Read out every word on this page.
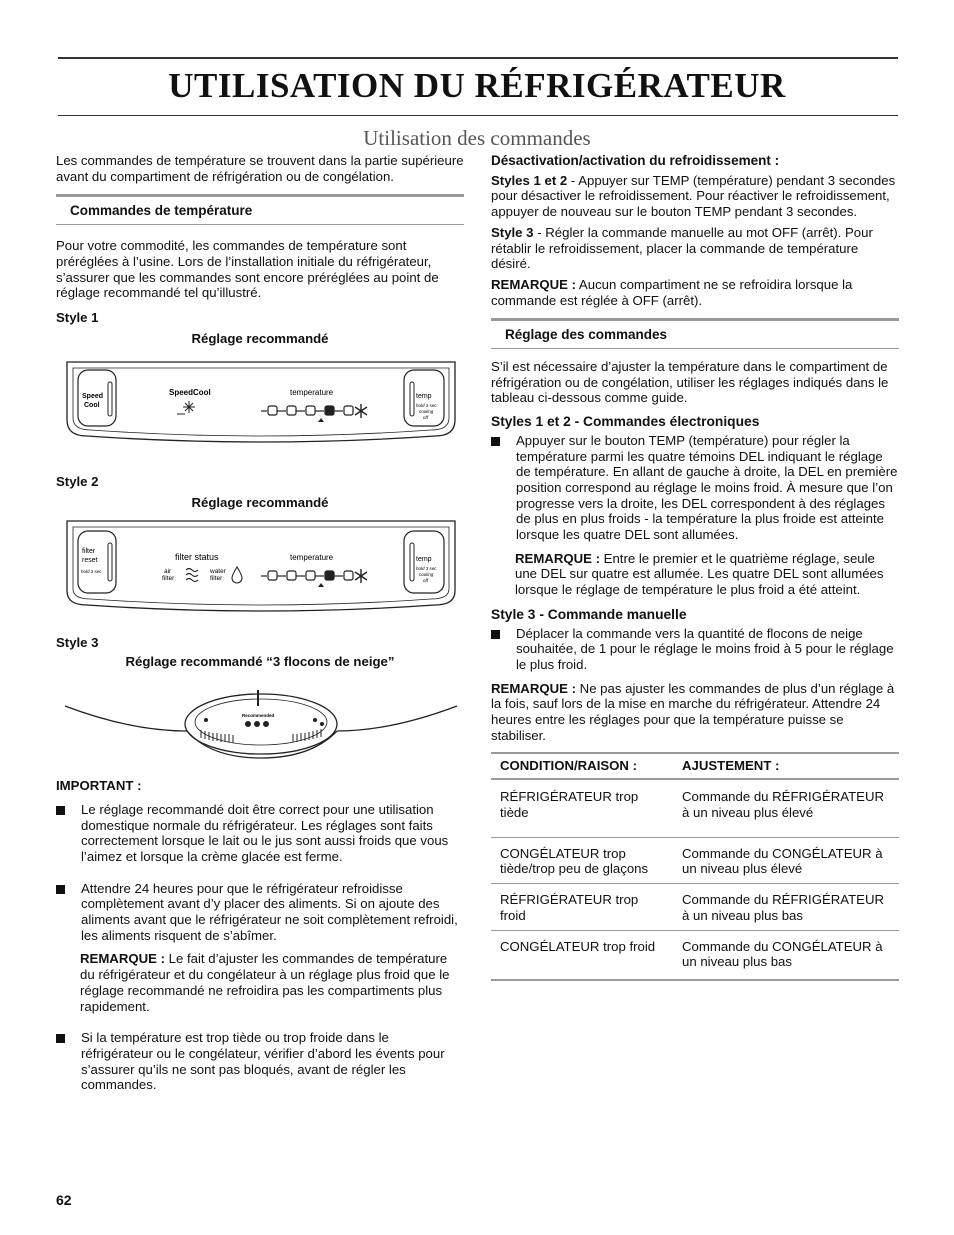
UTILISATION DU RÉFRIGÉRATEUR
Utilisation des commandes

Les commandes de température se trouvent dans la partie supérieure avant du compartiment de réfrigération ou de congélation.

Commandes de température

Pour votre commodité, les commandes de température sont préréglées à l’usine. Lors de l’installation initiale du réfrigérateur, s’assurer que les commandes sont encore préréglées au point de réglage recommandé tel qu’illustré.

Style 1

Réglage recommandé

Speed
Cool
SpeedCool	temperature	temp
hold 3 sec
cooling
off

Style 2

Réglage recommandé

filter
reset
hold 3 sec
filter status
air
filter
water
filter
temperature	temp
hold 3 sec
cooling
off

Style 3

Réglage recommandé “3 flocons de neige”

Recommended

IMPORTANT :

Le réglage recommandé doit être correct pour une utilisation domestique normale du réfrigérateur. Les réglages sont faits correctement lorsque le lait ou le jus sont aussi froids que vous l’aimez et lorsque la crème glacée est ferme.

Attendre 24 heures pour que le réfrigérateur refroidisse complètement avant d’y placer des aliments. Si on ajoute des aliments avant que le réfrigérateur ne soit complètement refroidi, les aliments risquent de s’abîmer.

REMARQUE : Le fait d’ajuster les commandes de température du réfrigérateur et du congélateur à un réglage plus froid que le réglage recommandé ne refroidira pas les compartiments plus rapidement.

Si la température est trop tiède ou trop froide dans le réfrigérateur ou le congélateur, vérifier d’abord les évents pour s’assurer qu’ils ne sont pas bloqués, avant de régler les commandes.

Désactivation/activation du refroidissement :

Styles 1 et 2 - Appuyer sur TEMP (température) pendant 3 secondes pour désactiver le refroidissement. Pour réactiver le refroidissement, appuyer de nouveau sur le bouton TEMP pendant 3 secondes.

Style 3 - Régler la commande manuelle au mot OFF (arrêt). Pour rétablir le refroidissement, placer la commande de température désiré.

REMARQUE : Aucun compartiment ne se refroidira lorsque la commande est réglée à OFF (arrêt).

Réglage des commandes

S’il est nécessaire d’ajuster la température dans le compartiment de réfrigération ou de congélation, utiliser les réglages indiqués dans le tableau ci-dessous comme guide.

Styles 1 et 2 - Commandes électroniques

Appuyer sur le bouton TEMP (température) pour régler la température parmi les quatre témoins DEL indiquant le réglage de température. En allant de gauche à droite, la DEL en première position correspond au réglage le moins froid. À mesure que l’on progresse vers la droite, les DEL correspondent à des réglages de plus en plus froids - la température la plus froide est atteinte lorsque les quatre DEL sont allumées.

REMARQUE : Entre le premier et le quatrième réglage, seule une DEL sur quatre est allumée. Les quatre DEL sont allumées lorsque le réglage de température le plus froid a été atteint.

Style 3 - Commande manuelle

Déplacer la commande vers la quantité de flocons de neige souhaitée, de 1 pour le réglage le moins froid à 5 pour le réglage le plus froid.

REMARQUE : Ne pas ajuster les commandes de plus d’un réglage à la fois, sauf lors de la mise en marche du réfrigérateur. Attendre 24 heures entre les réglages pour que la température puisse se stabiliser.

CONDITION/RAISON :	AJUSTEMENT :
RÉFRIGÉRATEUR trop tiède	Commande du RÉFRIGÉRATEUR à un niveau plus élevé
CONGÉLATEUR trop tiède/trop peu de glaçons	Commande du CONGÉLATEUR à un niveau plus élevé
RÉFRIGÉRATEUR trop froid	Commande du RÉFRIGÉRATEUR à un niveau plus bas
CONGÉLATEUR trop froid	Commande du CONGÉLATEUR à un niveau plus bas
62
